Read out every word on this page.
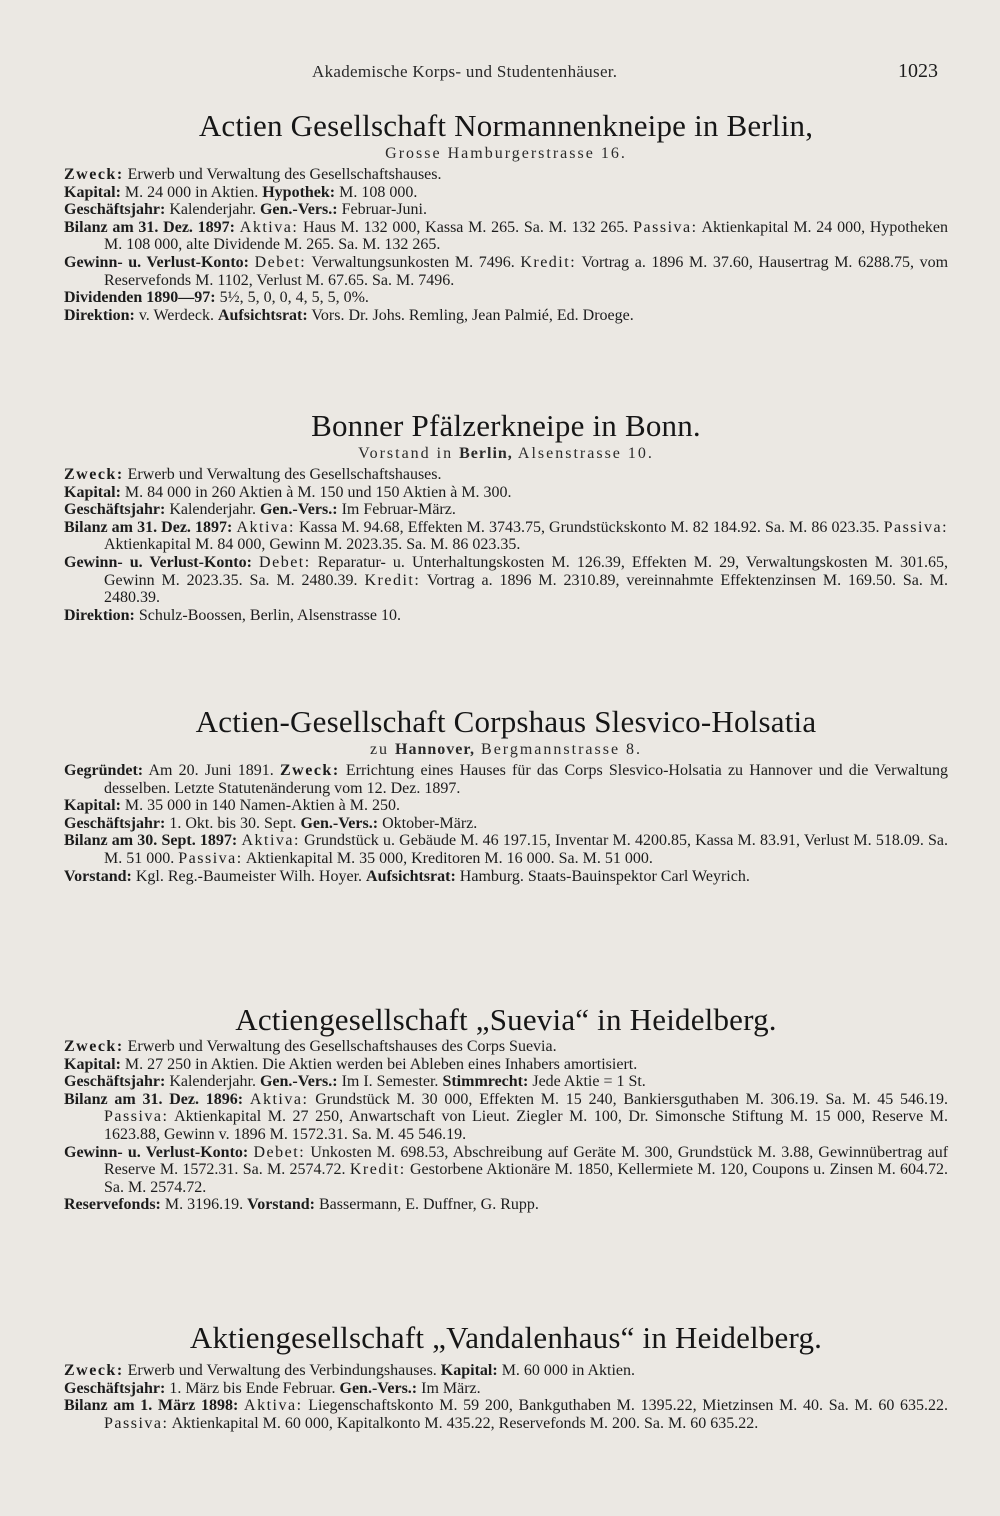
Akademische Korps- und Studentenhäuser.	1023
Actien Gesellschaft Normannenkneipe in Berlin,
Grosse Hamburgerstrasse 16.

Zweck: Erwerb und Verwaltung des Gesellschaftshauses.

Kapital: M. 24 000 in Aktien. Hypothek: M. 108 000.

Geschäftsjahr: Kalenderjahr. Gen.-Vers.: Februar-Juni.

Bilanz am 31. Dez. 1897: Aktiva: Haus M. 132 000, Kassa M. 265. Sa. M. 132 265. Passiva: Aktienkapital M. 24 000, Hypotheken M. 108 000, alte Dividende M. 265. Sa. M. 132 265.

Gewinn- u. Verlust-Konto: Debet: Verwaltungsunkosten M. 7496. Kredit: Vortrag a. 1896 M. 37.60, Hausertrag M. 6288.75, vom Reservefonds M. 1102, Verlust M. 67.65. Sa. M. 7496.

Dividenden 1890—97: 5½, 5, 0, 0, 4, 5, 5, 0%.

Direktion: v. Werdeck. Aufsichtsrat: Vors. Dr. Johs. Remling, Jean Palmié, Ed. Droege.

Bonner Pfälzerkneipe in Bonn.
Vorstand in Berlin, Alsenstrasse 10.

Zweck: Erwerb und Verwaltung des Gesellschaftshauses.

Kapital: M. 84 000 in 260 Aktien à M. 150 und 150 Aktien à M. 300.

Geschäftsjahr: Kalenderjahr. Gen.-Vers.: Im Februar-März.

Bilanz am 31. Dez. 1897: Aktiva: Kassa M. 94.68, Effekten M. 3743.75, Grundstückskonto M. 82 184.92. Sa. M. 86 023.35. Passiva: Aktienkapital M. 84 000, Gewinn M. 2023.35. Sa. M. 86 023.35.

Gewinn- u. Verlust-Konto: Debet: Reparatur- u. Unterhaltungskosten M. 126.39, Effekten M. 29, Verwaltungskosten M. 301.65, Gewinn M. 2023.35. Sa. M. 2480.39. Kredit: Vortrag a. 1896 M. 2310.89, vereinnahmte Effektenzinsen M. 169.50. Sa. M. 2480.39.

Direktion: Schulz-Boossen, Berlin, Alsenstrasse 10.

Actien-Gesellschaft Corpshaus Slesvico-Holsatia
zu Hannover, Bergmannstrasse 8.

Gegründet: Am 20. Juni 1891. Zweck: Errichtung eines Hauses für das Corps Slesvico-Holsatia zu Hannover und die Verwaltung desselben. Letzte Statutenänderung vom 12. Dez. 1897.

Kapital: M. 35 000 in 140 Namen-Aktien à M. 250.

Geschäftsjahr: 1. Okt. bis 30. Sept. Gen.-Vers.: Oktober-März.

Bilanz am 30. Sept. 1897: Aktiva: Grundstück u. Gebäude M. 46 197.15, Inventar M. 4200.85, Kassa M. 83.91, Verlust M. 518.09. Sa. M. 51 000. Passiva: Aktienkapital M. 35 000, Kreditoren M. 16 000. Sa. M. 51 000.

Vorstand: Kgl. Reg.-Baumeister Wilh. Hoyer. Aufsichtsrat: Hamburg. Staats-Bauinspektor Carl Weyrich.

Actiengesellschaft „Suevia“ in Heidelberg.

Zweck: Erwerb und Verwaltung des Gesellschaftshauses des Corps Suevia.

Kapital: M. 27 250 in Aktien. Die Aktien werden bei Ableben eines Inhabers amortisiert.

Geschäftsjahr: Kalenderjahr. Gen.-Vers.: Im I. Semester. Stimmrecht: Jede Aktie = 1 St.

Bilanz am 31. Dez. 1896: Aktiva: Grundstück M. 30 000, Effekten M. 15 240, Bankiersguthaben M. 306.19. Sa. M. 45 546.19. Passiva: Aktienkapital M. 27 250, Anwartschaft von Lieut. Ziegler M. 100, Dr. Simonsche Stiftung M. 15 000, Reserve M. 1623.88, Gewinn v. 1896 M. 1572.31. Sa. M. 45 546.19.

Gewinn- u. Verlust-Konto: Debet: Unkosten M. 698.53, Abschreibung auf Geräte M. 300, Grundstück M. 3.88, Gewinnübertrag auf Reserve M. 1572.31. Sa. M. 2574.72. Kredit: Gestorbene Aktionäre M. 1850, Kellermiete M. 120, Coupons u. Zinsen M. 604.72. Sa. M. 2574.72.

Reservefonds: M. 3196.19. Vorstand: Bassermann, E. Duffner, G. Rupp.

Aktiengesellschaft „Vandalenhaus“ in Heidelberg.

Zweck: Erwerb und Verwaltung des Verbindungshauses. Kapital: M. 60 000 in Aktien.

Geschäftsjahr: 1. März bis Ende Februar. Gen.-Vers.: Im März.

Bilanz am 1. März 1898: Aktiva: Liegenschaftskonto M. 59 200, Bankguthaben M. 1395.22, Mietzinsen M. 40. Sa. M. 60 635.22. Passiva: Aktienkapital M. 60 000, Kapitalkonto M. 435.22, Reservefonds M. 200. Sa. M. 60 635.22.
